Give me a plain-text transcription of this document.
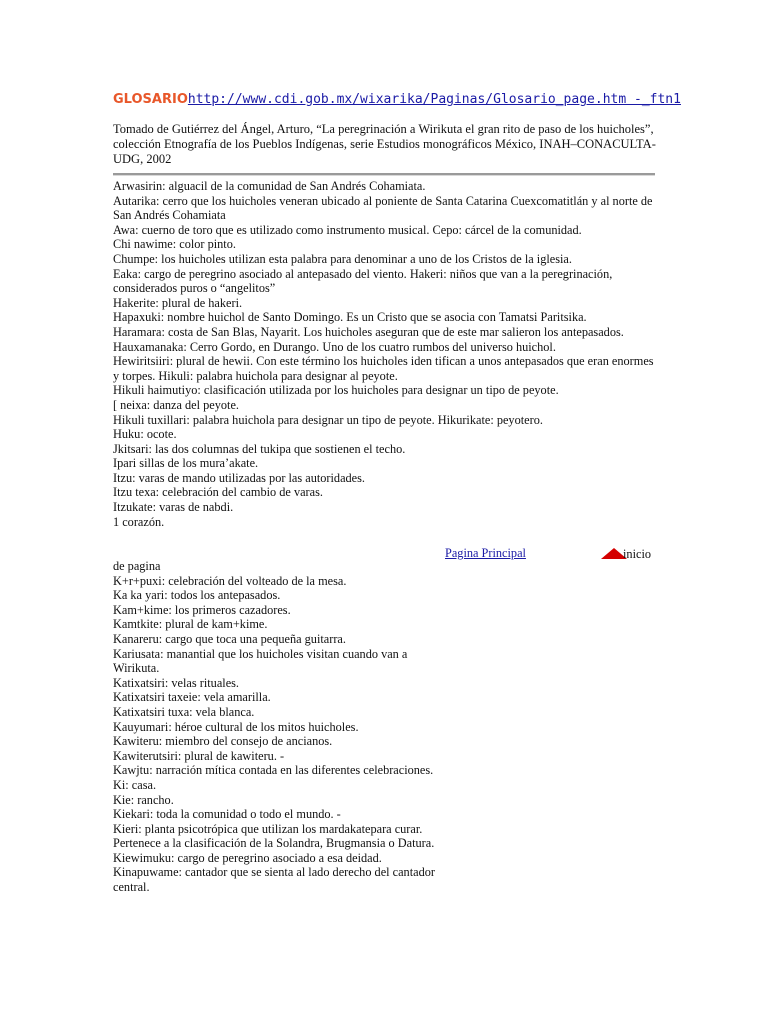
GLOSARIOhttp://www.cdi.gob.mx/wixarika/Paginas/Glosario_page.htm -_ftn1
Tomado de Gutiérrez del Ángel, Arturo, “La peregrinación a Wirikuta el gran rito de paso de los huicholes”, colección Etnografía de los Pueblos Indígenas, serie Estudios monográficos México, INAH–CONACULTA-UDG, 2002
Arwasirin: alguacil de la comunidad de San Andrés Cohamiata.
Autarika: cerro que los huicholes veneran ubicado al poniente de Santa Catarina Cuexcomatitlán y al norte de San Andrés Cohamiata
Awa: cuerno de toro que es utilizado como instrumento musical. Cepo: cárcel de la comunidad.
Chi nawime: color pinto.
Chumpe: los huicholes utilizan esta palabra para denominar a uno de los Cristos de la iglesia.
Eaka: cargo de peregrino asociado al antepasado del viento. Hakeri: niños que van a la peregrinación, considerados puros o “angelitos”
Hakerite: plural de hakeri.
Hapaxuki: nombre huichol de Santo Domingo. Es un Cristo que se asocia con Tamatsi Paritsika.
Haramara: costa de San Blas, Nayarit. Los huicholes aseguran que de este mar salieron los antepasados.
Hauxamanaka: Cerro Gordo, en Durango. Uno de los cuatro rumbos del universo huichol.
Hewiritsiiri: plural de hewii. Con este término los huicholes iden tifican a unos antepasados que eran enormes y torpes. Hikuli: palabra huichola para designar al peyote.
Hikuli haimutiyo: clasificación utilizada por los huicholes para designar un tipo de peyote.
[ neixa: danza del peyote.
Hikuli tuxillari: palabra huichola para designar un tipo de peyote. Hikurikate: peyotero.
Huku: ocote.
Jkitsari: las dos columnas del tukipa que sostienen el techo.
Ipari sillas de los mura’akate.
Itzu: varas de mando utilizadas por las autoridades.
Itzu texa: celebración del cambio de varas.
Itzukate: varas de nabdi.
1 corazón.
Pagina Principal	inicio
de pagina
K+r+puxi: celebración del volteado de la mesa.
Ka ka yari: todos los antepasados.
Kam+kime: los primeros cazadores.
Kamtkite: plural de kam+kime.
Kanareru: cargo que toca una pequeña guitarra.
Kariusata: manantial que los huicholes visitan cuando van a Wirikuta.
Katixatsiri: velas rituales.
Katixatsiri taxeie: vela amarilla.
Katixatsiri tuxa: vela blanca.
Kauyumari: héroe cultural de los mitos huicholes.
Kawiteru: miembro del consejo de ancianos.
Kawiterutsiri: plural de kawiteru. -
Kawjtu: narración mítica contada en las diferentes celebraciones.
Ki: casa.
Kie: rancho.
Kiekari: toda la comunidad o todo el mundo. -
Kieri: planta psicotrópica que utilizan los mardakatepara curar.
Pertenece a la clasificación de la Solandra, Brugmansia o Datura.
Kiewimuku: cargo de peregrino asociado a esa deidad.
Kinapuwame: cantador que se sienta al lado derecho del cantador central.
